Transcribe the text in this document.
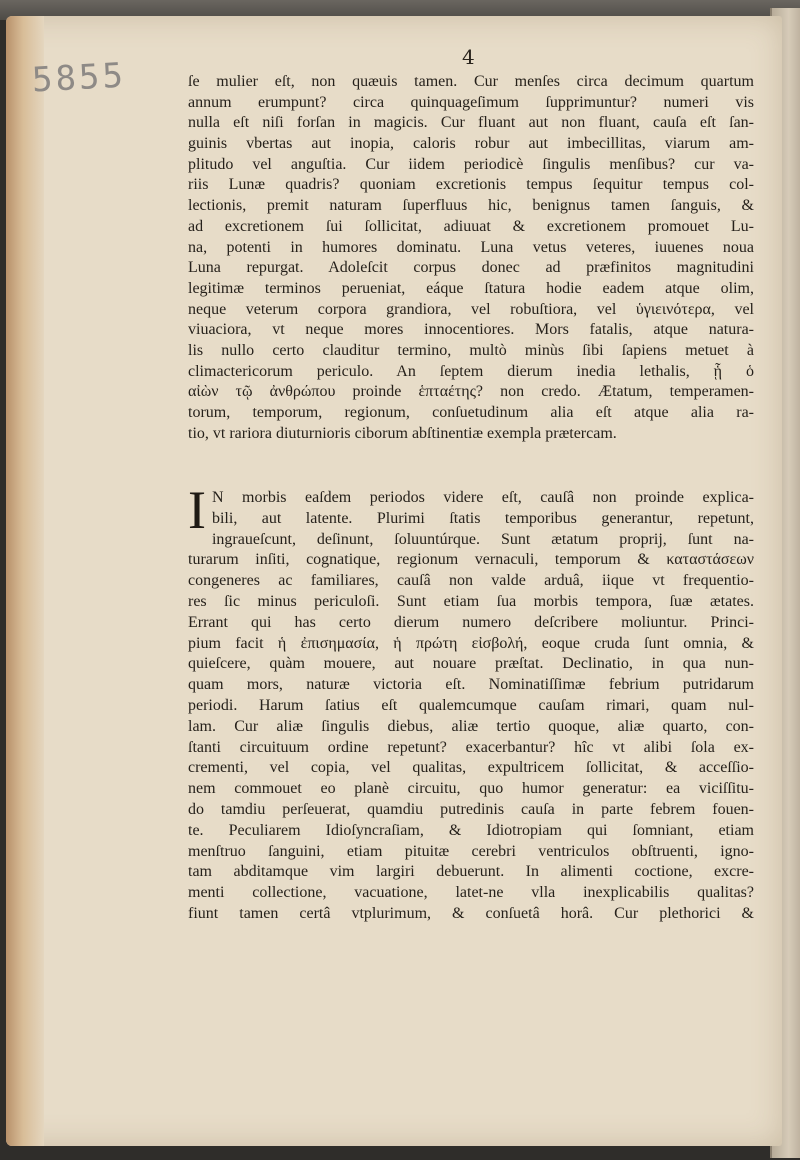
5855	4
ſe mulier eſt, non quæuis tamen. Cur menſes circa decimum quartum
annum erumpunt? circa quinquageſimum ſupprimuntur? numeri vis
nulla eſt niſi forſan in magicis. Cur fluant aut non fluant, cauſa eſt ſan-
guinis vbertas aut inopia, caloris robur aut imbecillitas, viarum am-
plitudo vel anguſtia. Cur iidem periodicè ſingulis menſibus? cur va-
riis Lunæ quadris? quoniam excretionis tempus ſequitur tempus col-
lectionis, premit naturam ſuperfluus hic, benignus tamen ſanguis, &
ad excretionem ſui ſollicitat, adiuuat & excretionem promouet Lu-
na, potenti in humores dominatu. Luna vetus veteres, iuuenes noua
Luna repurgat. Adoleſcit corpus donec ad præfinitos magnitudini
legitimæ terminos perueniat, eáque ſtatura hodie eadem atque olim,
neque veterum corpora grandiora, vel robuſtiora, vel ὑγιεινότερα, vel
viuaciora, vt neque mores innocentiores. Mors fatalis, atque natura-
lis nullo certo clauditur termino, multò minùs ſibi ſapiens metuet à
climactericorum periculo. An ſeptem dierum inedia lethalis, ᾗ ὁ
αἰὼν τῷ ἀνθρώπου proinde ἑπταέτης? non credo. Ætatum, temperamen-
torum, temporum, regionum, conſuetudinum alia eſt atque alia ra-
tio, vt rariora diuturnioris ciborum abſtinentiæ exempla prætercam.
I N morbis eaſdem periodos videre eſt, cauſâ non proinde explica-
bili, aut latente. Plurimi ſtatis temporibus generantur, repetunt,
ingraueſcunt, deſinunt, ſoluuntúrque. Sunt ætatum proprij, ſunt na-
turarum inſiti, cognatique, regionum vernaculi, temporum & καταστάσεων
congeneres ac familiares, cauſâ non valde arduâ, iique vt frequentio-
res ſic minus periculoſi. Sunt etiam ſua morbis tempora, ſuæ ætates.
Errant qui has certo dierum numero deſcribere moliuntur. Princi-
pium facit ἡ ἐπισημασία, ἡ πρώτη εἰσβολή, eoque cruda ſunt omnia, &
quieſcere, quàm mouere, aut nouare præſtat. Declinatio, in qua nun-
quam mors, naturæ victoria eſt. Nominatiſſimæ febrium putridarum
periodi. Harum ſatius eſt qualemcumque cauſam rimari, quam nul-
lam. Cur aliæ ſingulis diebus, aliæ tertio quoque, aliæ quarto, con-
ſtanti circuituum ordine repetunt? exacerbantur? hîc vt alibi ſola ex-
crementi, vel copia, vel qualitas, expultricem ſollicitat, & acceſſio-
nem commouet eo planè circuitu, quo humor generatur: ea viciſſitu-
do tamdiu perſeuerat, quamdiu putredinis cauſa in parte febrem fouen-
te. Peculiarem Idioſyncraſiam, & Idiotropiam qui ſomniant, etiam
menſtruo ſanguini, etiam pituitæ cerebri ventriculos obſtruenti, igno-
tam abditamque vim largiri debuerunt. In alimenti coctione, excre-
menti collectione, vacuatione, latet-ne vlla inexplicabilis qualitas?
fiunt tamen certâ vtplurimum, & conſuetâ horâ. Cur plethorici &
